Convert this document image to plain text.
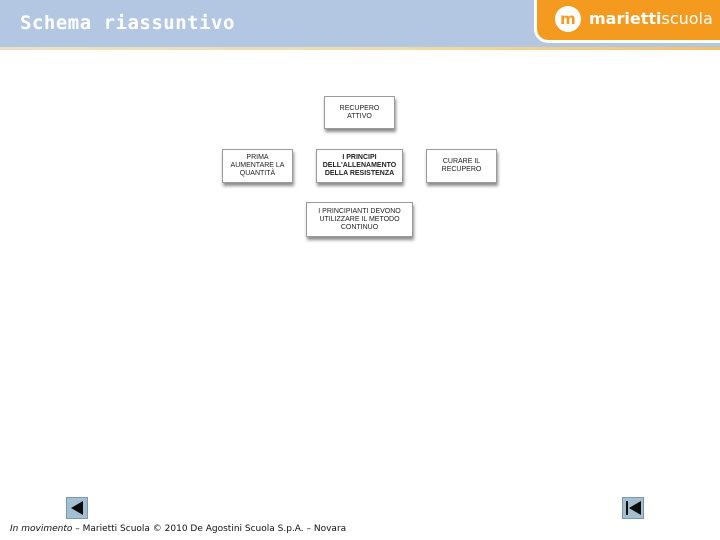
Schema riassuntivo	m mariettiscuola
RECUPERO ATTIVO
PRIMA AUMENTARE LA QUANTITÀ
I PRINCIPI DELL'ALLENAMENTO DELLA RESISTENZA
CURARE IL RECUPERO
I PRINCIPIANTI DEVONO UTILIZZARE IL METODO CONTINUO
In movimento – Marietti Scuola © 2010 De Agostini Scuola S.p.A. – Novara
